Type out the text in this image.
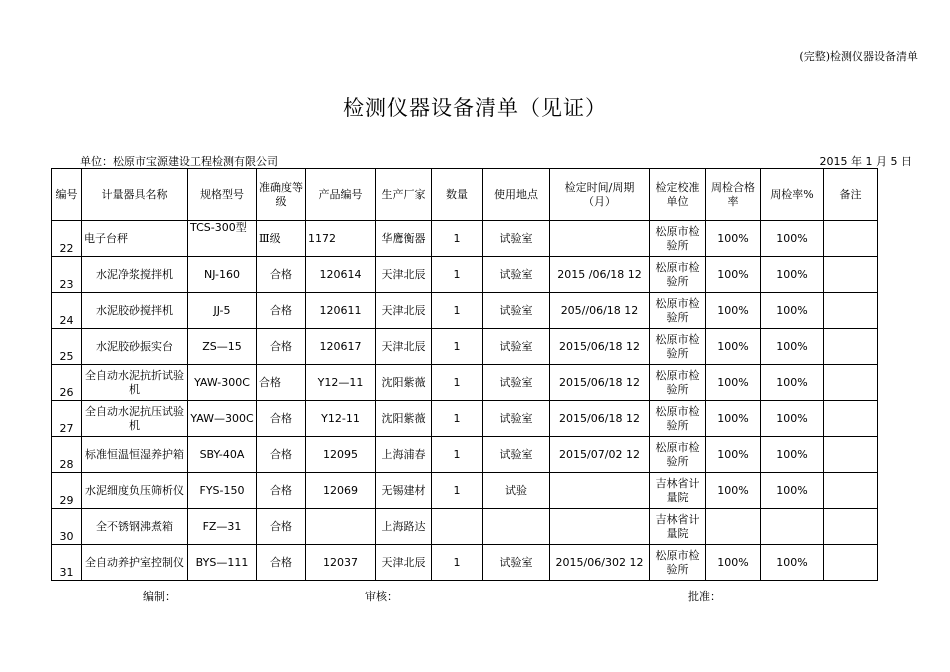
(完整)检测仪器设备清单
检测仪器设备清单（见证）
单位：松原市宝源建设工程检测有限公司	2015 年 1 月 5 日
编号	计量器具名称	规格型号	准确度等级	产品编号	生产厂家	数量	使用地点	检定时间/周期（月）	检定校准单位	周检合格率	周检率%	备注
22	电子台秤	TCS-300型	Ⅲ级	1172	华鹰衡器	1	试验室		松原市检验所	100%	100%	
23	水泥净浆搅拌机	NJ-160	合格	120614	天津北辰	1	试验室	2015 /06/18 12	松原市检验所	100%	100%	
24	水泥胶砂搅拌机	JJ-5	合格	120611	天津北辰	1	试验室	205//06/18 12	松原市检验所	100%	100%	
25	水泥胶砂振实台	ZS—15	合格	120617	天津北辰	1	试验室	2015/06/18 12	松原市检验所	100%	100%	
26	全自动水泥抗折试验机	YAW-300C	合格	Y12—11	沈阳紫薇	1	试验室	2015/06/18 12	松原市检验所	100%	100%	
27	全自动水泥抗压试验机	YAW—300C	合格	Y12-11	沈阳紫薇	1	试验室	2015/06/18 12	松原市检验所	100%	100%	
28	标准恒温恒湿养护箱	SBY-40A	合格	12095	上海浦春	1	试验室	2015/07/02 12	松原市检验所	100%	100%	
29	水泥细度负压筛析仪	FYS-150	合格	12069	无锡建材	1	试验		吉林省计量院	100%	100%	
30	全不锈钢沸煮箱	FZ—31	合格		上海路达				吉林省计量院			
31	全自动养护室控制仪	BYS—111	合格	12037	天津北辰	1	试验室	2015/06/302 12	松原市检验所	100%	100%	
编制：	审核：	批准：
